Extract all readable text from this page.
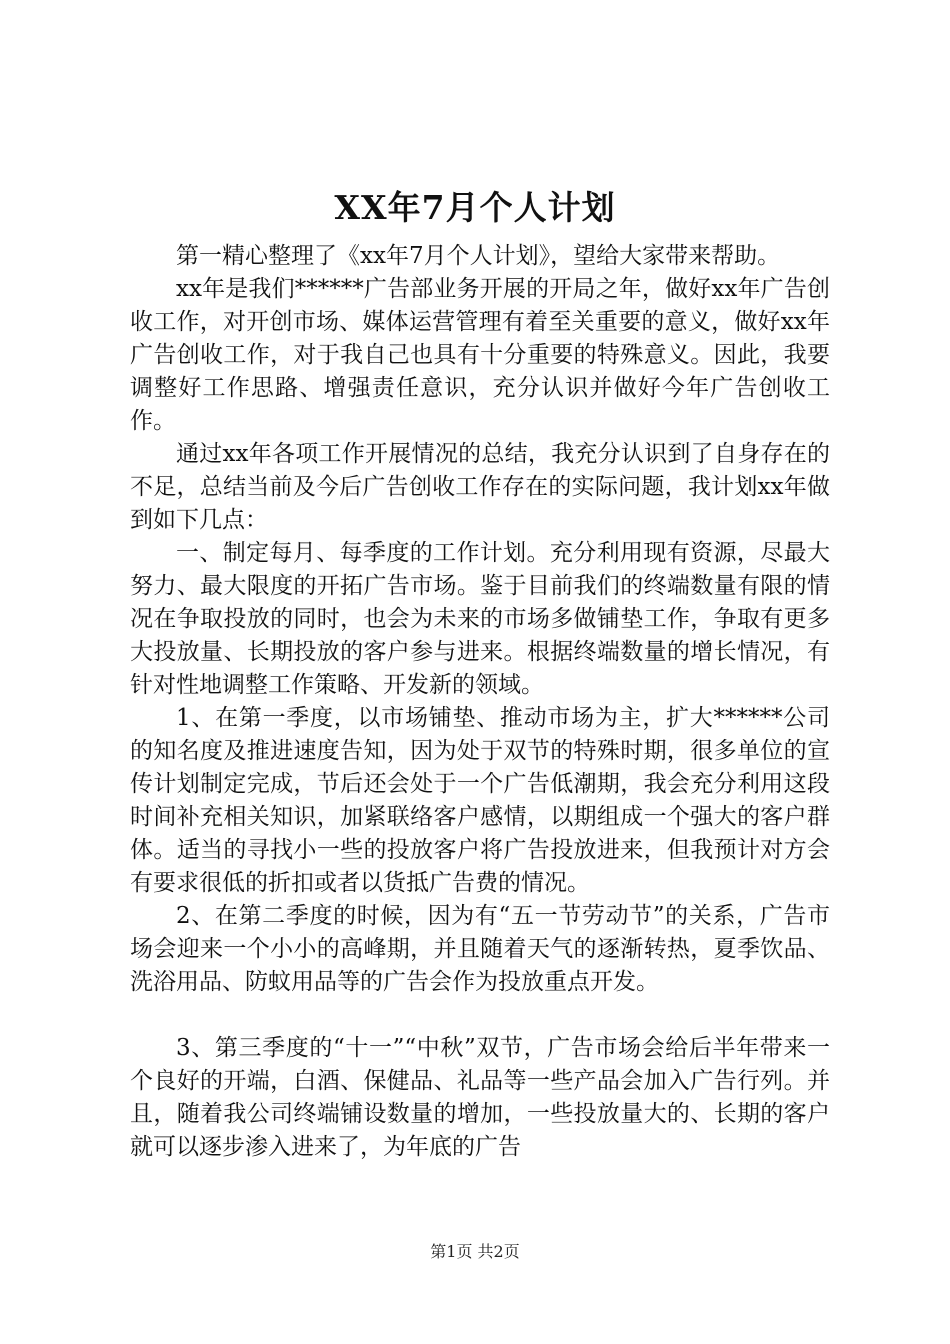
XX年7月个人计划

第一精心整理了《xx年7月个人计划》，望给大家带来帮助。

xx年是我们******广告部业务开展的开局之年，做好xx年广告创收工作，对开创市场、媒体运营管理有着至关重要的意义，做好xx年广告创收工作，对于我自己也具有十分重要的特殊意义。因此，我要调整好工作思路、增强责任意识，充分认识并做好今年广告创收工作。

通过xx年各项工作开展情况的总结，我充分认识到了自身存在的不足，总结当前及今后广告创收工作存在的实际问题，我计划xx年做到如下几点：

一、制定每月、每季度的工作计划。充分利用现有资源，尽最大努力、最大限度的开拓广告市场。鉴于目前我们的终端数量有限的情况在争取投放的同时，也会为未来的市场多做铺垫工作，争取有更多大投放量、长期投放的客户参与进来。根据终端数量的增长情况，有针对性地调整工作策略、开发新的领域。

1、在第一季度，以市场铺垫、推动市场为主，扩大******公司的知名度及推进速度告知，因为处于双节的特殊时期，很多单位的宣传计划制定完成，节后还会处于一个广告低潮期，我会充分利用这段时间补充相关知识，加紧联络客户感情，以期组成一个强大的客户群体。适当的寻找小一些的投放客户将广告投放进来，但我预计对方会有要求很低的折扣或者以货抵广告费的情况。

2、在第二季度的时候，因为有“五一节劳动节”的关系，广告市场会迎来一个小小的高峰期，并且随着天气的逐渐转热，夏季饮品、洗浴用品、防蚊用品等的广告会作为投放重点开发。

3、第三季度的“十一”“中秋”双节，广告市场会给后半年带来一个良好的开端，白酒、保健品、礼品等一些产品会加入广告行列。并且，随着我公司终端铺设数量的增加，一些投放量大的、长期的客户就可以逐步渗入进来了，为年底的广告

第1页 共2页
